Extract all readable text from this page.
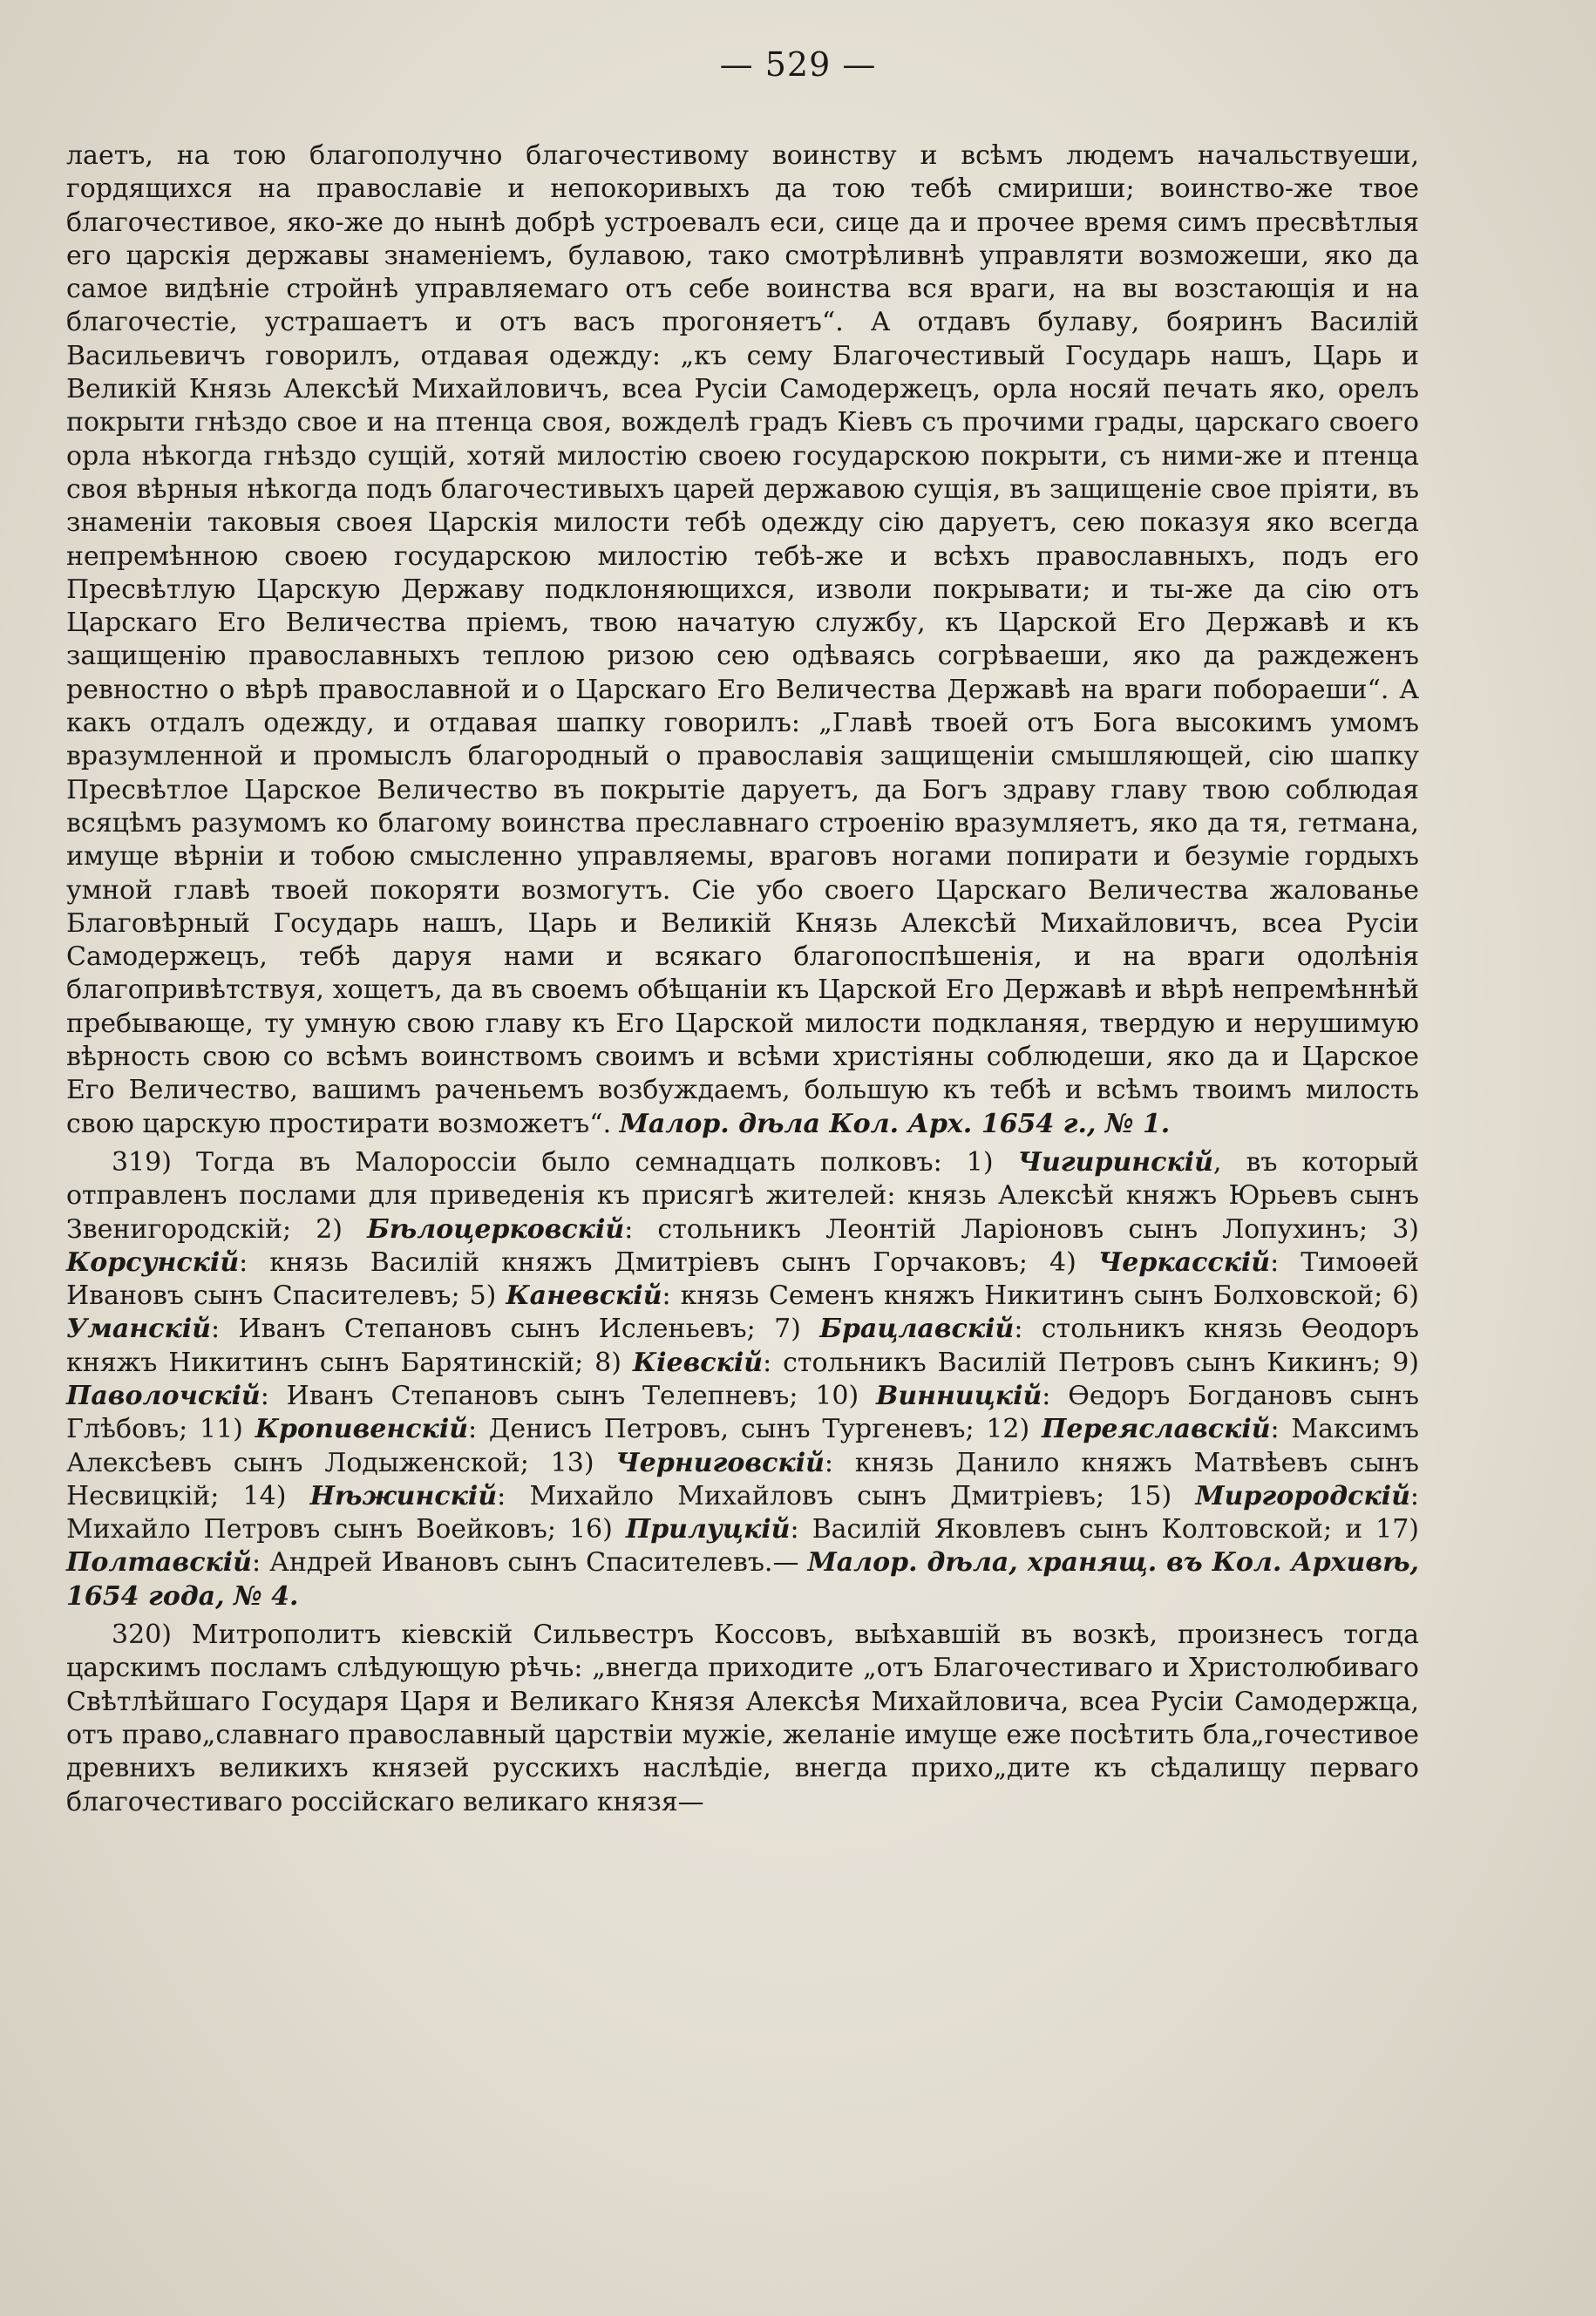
— 529 —

лаетъ, на тою благополучно благочестивому воинству и всѣмъ людемъ начальствуеши, гордящихся на православіе и непокоривыхъ да тою тебѣ смириши; воинство-же твое благочестивое, яко-же до нынѣ добрѣ устроевалъ еси, сице да и прочее время симъ пресвѣтлыя его царскія державы знаменіемъ, булавою, тако смотрѣливнѣ управляти возможеши, яко да самое видѣніе стройнѣ управляемаго отъ себе воинства вся враги, на вы возстающія и на благочестіе, устрашаетъ и отъ васъ прогоняетъ“. А отдавъ булаву, бояринъ Василій Васильевичъ говорилъ, отдавая одежду: „къ сему Благочестивый Государь нашъ, Царь и Великій Князь Алексѣй Михайловичъ, всеа Русіи Самодержецъ, орла носяй печать яко, орелъ покрыти гнѣздо свое и на птенца своя, вожделѣ градъ Кіевъ съ прочими грады, царскаго своего орла нѣкогда гнѣздо сущій, хотяй милостію своею государскою покрыти, съ ними-же и птенца своя вѣрныя нѣкогда подъ благочестивыхъ царей державою сущія, въ защищеніе свое пріяти, въ знаменіи таковыя своея Царскія милости тебѣ одежду сію даруетъ, сею показуя яко всегда непремѣнною своею государскою милостію тебѣ-же и всѣхъ православныхъ, подъ его Пресвѣтлую Царскую Державу подклоняющихся, изволи покрывати; и ты-же да сію отъ Царскаго Его Величества пріемъ, твою начатую службу, къ Царской Его Державѣ и къ защищенію православныхъ теплою ризою сею одѣваясь согрѣваеши, яко да раждеженъ ревностно о вѣрѣ православной и о Царскаго Его Величества Державѣ на враги побораеши“. А какъ отдалъ одежду, и отдавая шапку говорилъ: „Главѣ твоей отъ Бога высокимъ умомъ вразумленной и промыслъ благородный о православія защищеніи смышляющей, сію шапку Пресвѣтлое Царское Величество въ покрытіе даруетъ, да Богъ здраву главу твою соблюдая всяцѣмъ разумомъ ко благому воинства преславнаго строенію вразумляетъ, яко да тя, гетмана, имуще вѣрніи и тобою смысленно управляемы, враговъ ногами попирати и безуміе гордыхъ умной главѣ твоей покоряти возмогутъ. Сіе убо своего Царскаго Величества жалованье Благовѣрный Государь нашъ, Царь и Великій Князь Алексѣй Михайловичъ, всеа Русіи Самодержецъ, тебѣ даруя нами и всякаго благопоспѣшенія, и на враги одолѣнія благопривѣтствуя, хощетъ, да въ своемъ обѣщаніи къ Царской Его Державѣ и вѣрѣ непремѣннѣй пребывающе, ту умную свою главу къ Его Царской милости подкланяя, твердую и нерушимую вѣрность свою со всѣмъ воинствомъ своимъ и всѣми христіяны соблюдеши, яко да и Царское Его Величество, вашимъ раченьемъ возбуждаемъ, большую къ тебѣ и всѣмъ твоимъ милость свою царскую простирати возможетъ“. Малор. дѣла Кол. Арх. 1654 г., № 1.

319) Тогда въ Малороссіи было семнадцать полковъ: 1) Чигиринскій, въ который отправленъ послами для приведенія къ присягѣ жителей: князь Алексѣй княжъ Юрьевъ сынъ Звенигородскій; 2) Бѣлоцерковскій: стольникъ Леонтій Ларіоновъ сынъ Лопухинъ; 3) Корсунскій: князь Василій княжъ Дмитріевъ сынъ Горчаковъ; 4) Черкасскій: Тимоѳей Ивановъ сынъ Спасителевъ; 5) Каневскій: князь Семенъ княжъ Никитинъ сынъ Болховской; 6) Уманскій: Иванъ Степановъ сынъ Исленьевъ; 7) Брацлавскій: стольникъ князь Ѳеодоръ княжъ Никитинъ сынъ Барятинскій; 8) Кіевскій: стольникъ Василій Петровъ сынъ Кикинъ; 9) Паволочскій: Иванъ Степановъ сынъ Телепневъ; 10) Винницкій: Ѳедоръ Богдановъ сынъ Глѣбовъ; 11) Кропивенскій: Денисъ Петровъ, сынъ Тургеневъ; 12) Переяславскій: Максимъ Алексѣевъ сынъ Лодыженской; 13) Черниговскій: князь Данило княжъ Матвѣевъ сынъ Несвицкій; 14) Нѣжинскій: Михайло Михайловъ сынъ Дмитріевъ; 15) Миргородскій: Михайло Петровъ сынъ Воейковъ; 16) Прилуцкій: Василій Яковлевъ сынъ Колтовской; и 17) Полтавскій: Андрей Ивановъ сынъ Спасителевъ.— Малор. дѣла, хранящ. въ Кол. Архивѣ, 1654 года, № 4.

320) Митрополитъ кіевскій Сильвестръ Коссовъ, выѣхавшій въ возкѣ, произнесъ тогда царскимъ посламъ слѣдующую рѣчь: „внегда приходите „отъ Благочестиваго и Христолюбиваго Свѣтлѣйшаго Государя Царя и Великаго Князя Алексѣя Михайловича, всеа Русіи Самодержца, отъ право„славнаго православный царствіи мужіе, желаніе имуще еже посѣтить бла„гочестивое древнихъ великихъ князей русскихъ наслѣдіе, внегда прихо„дите къ сѣдалищу перваго благочестиваго россійскаго великаго князя—
